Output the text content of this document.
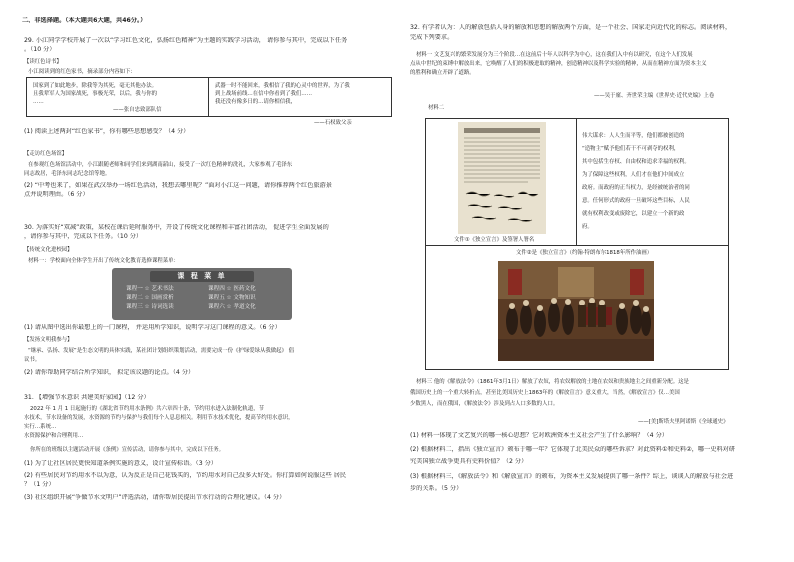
二、非选择题。（本大题共6大题，共46分。）
29. 小江同学学校开展了一次以“学习红色文化，弘扬红色精神”为主题的实践学习活动， 请你参与其中，完成以下任务
。（10 分）
【读红色诗书】
小江阅读到的红色家书，摘录部分内容如下：
国家到了如此地步，除我等为其死，毫无其他办法。
且我辈军人为国家战死，事极光荣，以后，我与你的
……
——张自忠致部队信
武器一时不能回来，我相信了我的心灵中的世界，为了我
到上战场前线…在信中你看到了我们……
我还没有像多日的…请你相信我，
——石权致父亲
(1) 阅读上述两封“红色家书”，你有哪些思想感受？（4 分）
【走访红色场馆】
在参观红色场馆活动中，小江跟随老师和同学们来到湖南韶山，接受了一次红色精神的洗礼，大家参观了毛泽东
同志故居，毛泽东同志纪念馆等地。
(2) “中考也来了，如果在武汉举办一场红色活动，我想去哪里呢？”面对小江这一问题，请你推荐两个红色旅游景
点并说明理由。（6 分）
30. 为落实好“双减”政策，某校在课后延时服务中，开设了传统文化课程和丰富社团活动， 促进学生全面发展的
，请你参与其中，完成以下任务。（10 分）
【传统文化进校园】
材料一：学校面向全体学生开出了传统文化教育选修课程菜单：
课 程 菜 单
课程一 ☆ 艺术书法
课程二 ☆ 国画赏析
课程三 ☆ 诗词选读
课程四 ☆ 医药文化
课程五 ☆ 文物知识
课程六 ☆ 孝道文化
(1) 请从图中选出你最想上的一门课程， 并运用所学知识，说明学习这门课程的意义。（6 分）
【发扬文明我参与】
“继承、弘扬、发展”是生态文明的具体实践，某社团计划组织策划活动，需要完成一份《护绿爱绿从我做起》 倡
议书。
(2) 请你帮助同学结合所学知识， 拟定该议题的论点。（4 分）
31. 【增强节水意识 共建美好家园】（12 分）
2022 年 1 月 1 日起施行的《湖北省节约用水条例》共六章四十条，节约用水进入法制化轨道，节
水技术，节水设备的发展，水资源的节约与保护与我们每个人息息相关。利用节水技术优化，提高节约用水意识，
实行…系统…
水资源保护和合理利用…
你所在的班级以主题活动开展《条例》宣传活动，请你参与其中，完成以下任务。
(1) 为了让社区居民更快知道条例实施的意义，设计宣传标语。（3 分）
(2) 有些居民对节约用水不以为意，认为反正是自己花钱买的，节约用水对自己没多大好处。你打算如何说服这些 居民
？（1 分）
(3) 社区组织开展“争做节水文明户”评选活动，请你帮居民提出节水行动的合理化建议。（4 分）
32. 有学者认为：人的解放包括人身的解放和思想的解放两个方面，是一个社会、国家走向近代化的标志。阅读材料，
完成下列要求。
材料一 文艺复兴的繁荣发展分为三个阶段…在这前后十年人以科学为中心，这在我们入中有以研究，在这个人们发展
点从中世纪的束缚中解放出来，它唤醒了人们的积极进取的精神，创造精神以及科学实验的精神，从而在精神方面为资本主义
的胜利和确立开辟了道路。
——吴于廑、齐世荣主编《世界史·近代史编》上卷
材料二
文件①《独立宣言》及签署人署名
伟大谋求：人人生而平等，他们都被创造的
“造物主”赋予他们若干不可剥夺的权利，
其中包括生存权、自由权和追求幸福的权利。
为了保障这些权利，人们才在他们中间成立
政府。而政府的正当权力，是经被统治者的同
意。任何形式的政府一旦破坏这些目标，人民
就有权利改变或废除它，以建立一个新的政
府。
文件②是《独立宣言》（约翰·特朗布尔1818年所作油画）
材料三 他的《解放法令》（1861年3月1日）解放了农奴，将农奴解放的土地在农奴和贵族地主之间重新分配。这是
俄国历史上的一个重大转折点，甚至比美国历史上1863年的《解放宣言》意义重大，当然，《解放宣言》仅…美国
少数黑人，而在俄国，《解放法令》涉及到占人口多数的人口。
——[美]斯塔夫里阿诺斯《全球通史》
(1) 材料一体现了文艺复兴的哪一核心思想？它对欧洲资本主义社会产生了什么影响？（4 分）
(2) 根据材料二，指出《独立宣言》颁布于哪一年？它体现了北美民众的哪些诉求？对此资料①和史料②，哪一史料对研
究美国独立战争更具有史料价值？（2 分）
(3) 根据材料三，《解放法令》和《解放宣言》的颁布，为资本主义发展提供了哪一条件？综上，谈谈人的解放与社会进
步的关系。（5 分）
